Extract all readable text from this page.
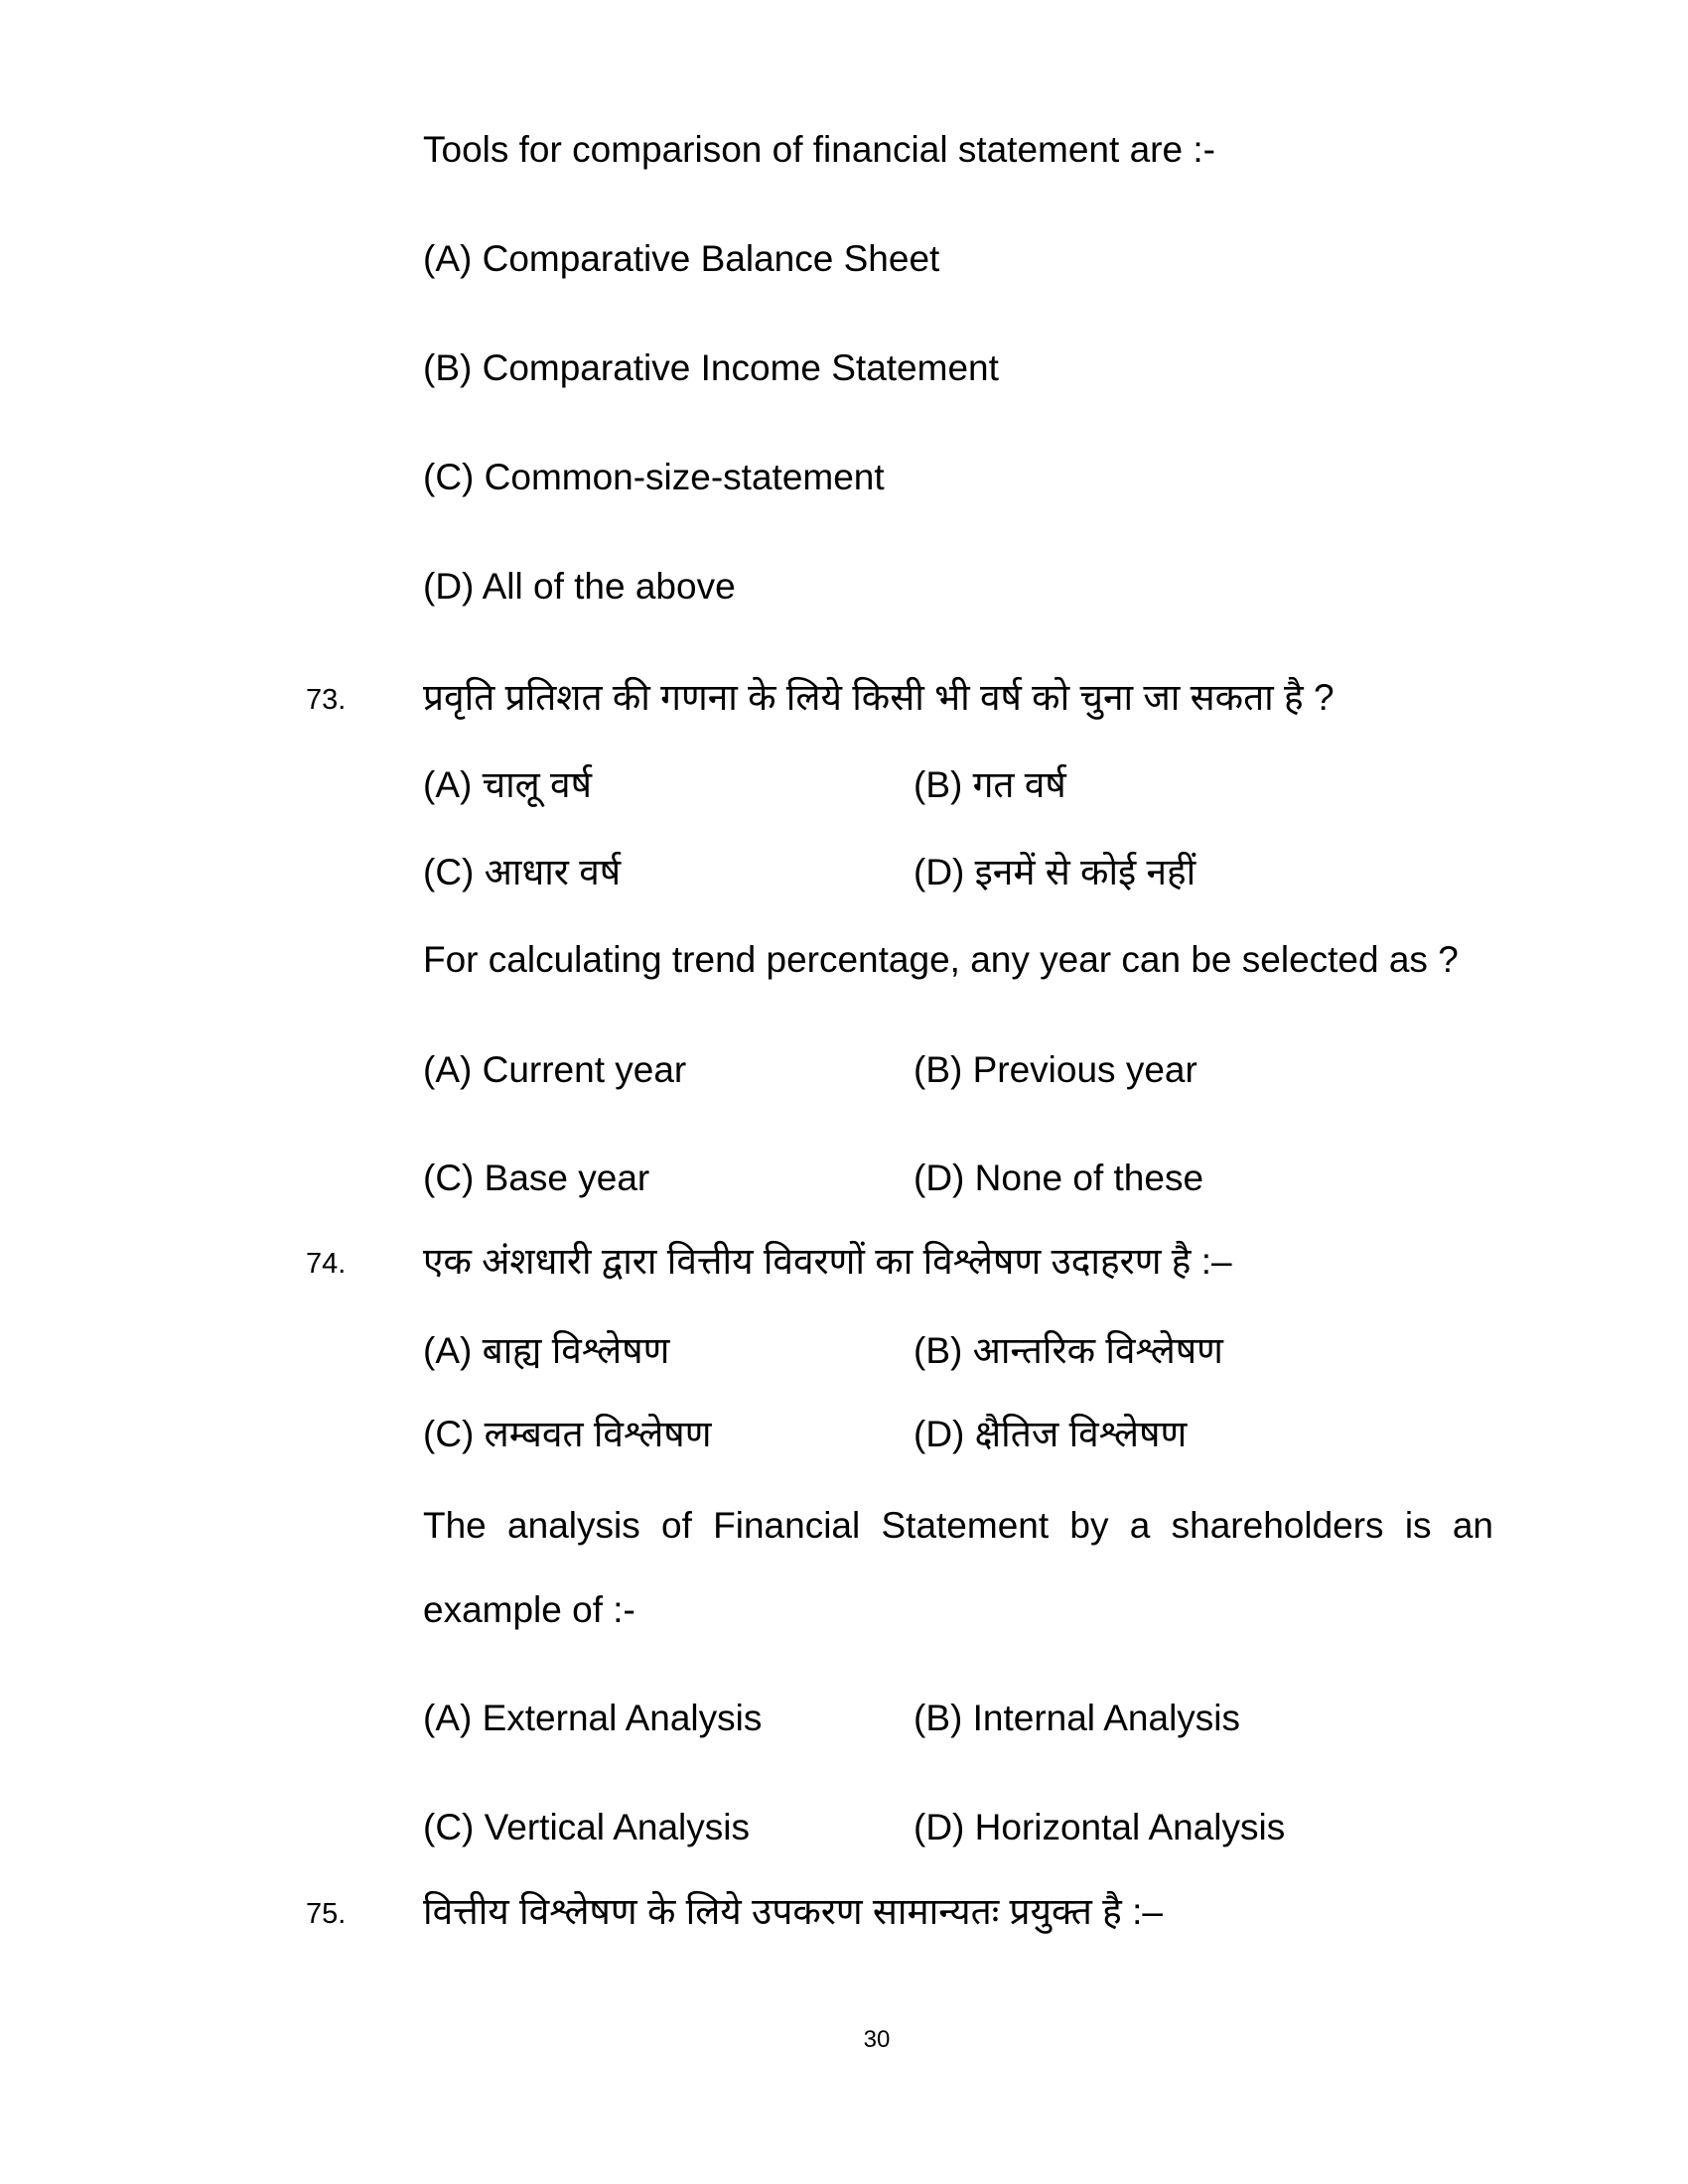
Tools for comparison of financial statement are :-
(A) Comparative Balance Sheet
(B) Comparative Income Statement
(C) Common-size-statement
(D) All of the above
73. प्रवृति प्रतिशत की गणना के लिये किसी भी वर्ष को चुना जा सकता है ?
(A) चालू वर्ष	(B) गत वर्ष
(C) आधार वर्ष	(D) इनमें से कोई नहीं
For calculating trend percentage, any year can be selected as ?
(A) Current year	(B) Previous year
(C) Base year	(D) None of these
74. एक अंशधारी द्वारा वित्तीय विवरणों का विश्लेषण उदाहरण है :–
(A) बाह्य विश्लेषण	(B) आन्तरिक विश्लेषण
(C) लम्बवत विश्लेषण	(D) क्षैतिज विश्लेषण
The analysis of Financial Statement by a shareholders is an
example of :-
(A) External Analysis	(B) Internal Analysis
(C) Vertical Analysis	(D) Horizontal Analysis
75. वित्तीय विश्लेषण के लिये उपकरण सामान्यतः प्रयुक्त है :–
30
